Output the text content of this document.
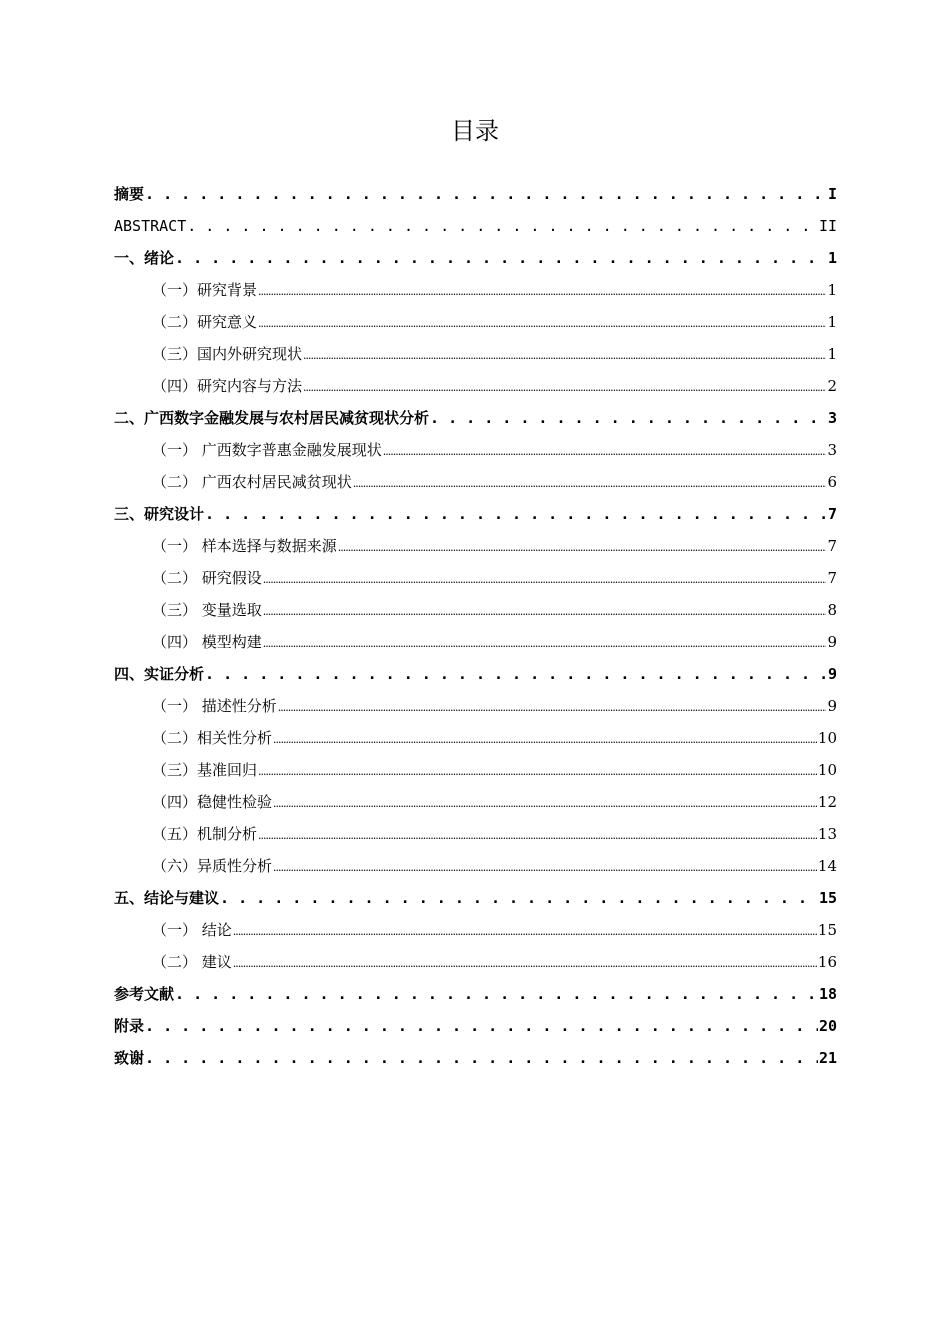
目录
摘要 . . .	I
ABSTRACT . . .	II
一、绪论 . . .	1
（一）研究背景 .....	1
（二）研究意义 .....	1
（三）国内外研究现状 .....	1
（四）研究内容与方法 .....	2
二、广西数字金融发展与农村居民减贫现状分析 . . .	3
（一） 广西数字普惠金融发展现状 .....	3
（二） 广西农村居民减贫现状 .....	6
三、研究设计 . . .	7
（一） 样本选择与数据来源 .....	7
（二） 研究假设 .....	7
（三） 变量选取 .....	8
（四） 模型构建 .....	9
四、实证分析 . . .	9
（一） 描述性分析 .....	9
（二）相关性分析 .....	10
（三）基准回归 .....	10
（四）稳健性检验 .....	12
（五）机制分析 .....	13
（六）异质性分析 .....	14
五、结论与建议 . . .	15
（一） 结论 .....	15
（二） 建议 .....	16
参考文献 . . .	18
附录 . . .	20
致谢 . . .	21
